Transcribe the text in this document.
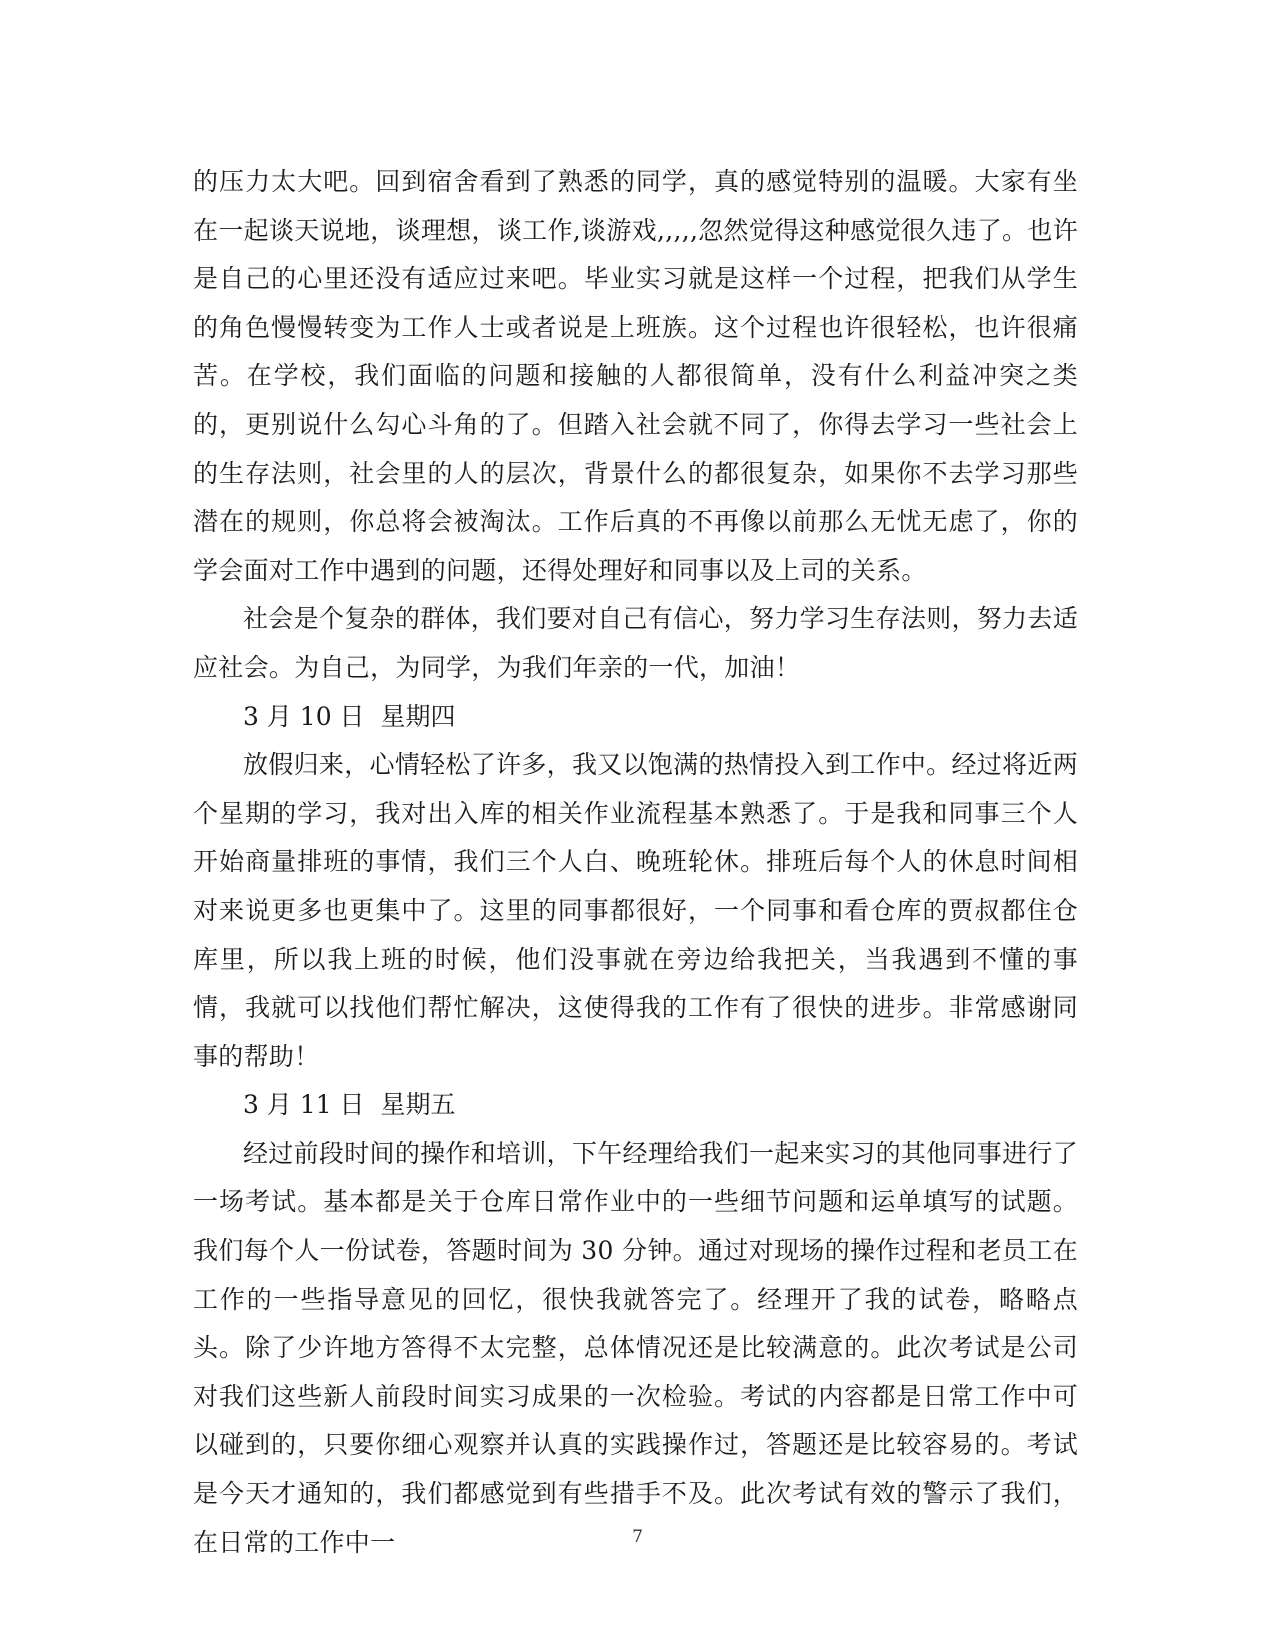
的压力太大吧。回到宿舍看到了熟悉的同学，真的感觉特别的温暖。大家有坐在一起谈天说地，谈理想，谈工作,谈游戏,,,,,忽然觉得这种感觉很久违了。也许是自己的心里还没有适应过来吧。毕业实习就是这样一个过程，把我们从学生的角色慢慢转变为工作人士或者说是上班族。这个过程也许很轻松，也许很痛苦。在学校，我们面临的问题和接触的人都很简单，没有什么利益冲突之类的，更别说什么勾心斗角的了。但踏入社会就不同了，你得去学习一些社会上的生存法则，社会里的人的层次，背景什么的都很复杂，如果你不去学习那些潜在的规则，你总将会被淘汰。工作后真的不再像以前那么无忧无虑了，你的学会面对工作中遇到的问题，还得处理好和同事以及上司的关系。

社会是个复杂的群体，我们要对自己有信心，努力学习生存法则，努力去适应社会。为自己，为同学，为我们年亲的一代，加油！

3 月 10 日  星期四

放假归来，心情轻松了许多，我又以饱满的热情投入到工作中。经过将近两个星期的学习，我对出入库的相关作业流程基本熟悉了。于是我和同事三个人开始商量排班的事情，我们三个人白、晚班轮休。排班后每个人的休息时间相对来说更多也更集中了。这里的同事都很好，一个同事和看仓库的贾叔都住仓库里，所以我上班的时候，他们没事就在旁边给我把关，当我遇到不懂的事情，我就可以找他们帮忙解决，这使得我的工作有了很快的进步。非常感谢同事的帮助！

3 月 11 日  星期五

经过前段时间的操作和培训，下午经理给我们一起来实习的其他同事进行了一场考试。基本都是关于仓库日常作业中的一些细节问题和运单填写的试题。我们每个人一份试卷，答题时间为 30 分钟。通过对现场的操作过程和老员工在工作的一些指导意见的回忆，很快我就答完了。经理开了我的试卷，略略点头。除了少许地方答得不太完整，总体情况还是比较满意的。此次考试是公司对我们这些新人前段时间实习成果的一次检验。考试的内容都是日常工作中可以碰到的，只要你细心观察并认真的实践操作过，答题还是比较容易的。考试是今天才通知的，我们都感觉到有些措手不及。此次考试有效的警示了我们，在日常的工作中一	7
